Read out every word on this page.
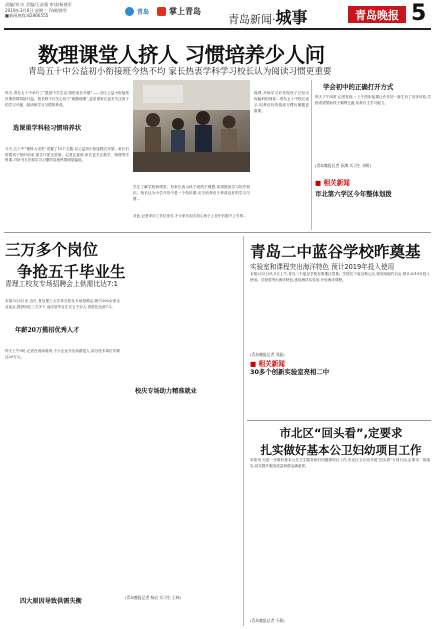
责编/刘 庆 美编/王奋强 审读/杨建军
2019年3月6日 星期三 印刷/韩雪
■新闻热线:82866555	青岛	掌上青岛
青岛新闻· 城事	青岛晚报 5
数理课堂人挤人 习惯培养少人问
青岛五十中公益初小衔接班今热不均 家长热衷学科学习校长认为阅读习惯更重要

昨天,青岛五十中举行了“感觉中学生活,领悟成长开端”——全区公益小衔接班补课热情持续升温。校长称不仅关心孩子“刷数理课”,更希望家长更多关注孩子的学习兴趣、阅读和学习习惯的养成。

选课重学科轻习惯培养状

今天,五十中“理科大讲堂”设置了10个主题,以公益初小衔接模式开展...家长们带着孩子按时前来,报告厅座无虚席。记者注意到,家长更关注数学、物理等学科课,对读书方法和学习习惯的讲座热情明显偏低。

学生了解学校和课堂。有家长表示孩子成绩不理想,希望提前学习初中知识。校长认为小学升初中是一个转折期,应当培养孩子养成良好的学习习惯...

对此,记者采访了多位家长,不少家长坦言担心孩子上初中后跟不上节奏...

理课,开始学习后发现孩子已经出现偏科的现象...青岛五十中校长表示,培养良好的阅读习惯比刷题更重要。

学会初中的正确打开方式
昨天下午四时,记者发现,一上午的衔接课让许多初一新生有了初步体验,学校希望帮助孩子顺利过渡,培养自主学习能力。
(青岛晚报记者 孙渊 实习生 刘明)
■ 相关新闻
市北第六学区今年整体划拨
三万多个岗位
争抢五千毕业生
青理工校友专场招聘会上供需比达7:1

本报3月5日讯 近日,青岛理工大学举办校友专场招聘会,吸引300余家企业参会,提供岗位三万多个,而应届毕业生仅五千余人,供需比达到7:1。

年薪20万揽招优秀人才

昨天上午9时,记者在现场看到,不少企业开出高薪抢人,部分技术岗位年薪达20万元。

四大原因导致供需失衡

校庆专场助力精准就业

(青岛晚报记者 杨岩 实习生 王林)
青岛二中蓝谷学校昨奠基
实验室和课程突出海洋特色 预计2019年投入使用
本报3月5日讯 5日上午,青岛二中蓝谷学校在即墨区奠基。学校位于蓝谷核心区,规划用地约百亩,预计2019年投入使用。学校将突出海洋特色,建设海洋实验室,开设海洋课程。
(青岛晚报记者 刘磊)
■ 相关新闻
30多个创新实验室亮相二中
市北区“回头看”,定要求
扎实做好基本公卫妇幼项目工作
本报讯 为进一步做好基本公共卫生服务和妇幼健康项目工作,市北区卫计局开展“回头看”专项行动,定要求、抓落实,切实提升服务质量和群众满意度。
(青岛晚报记者 于静)
